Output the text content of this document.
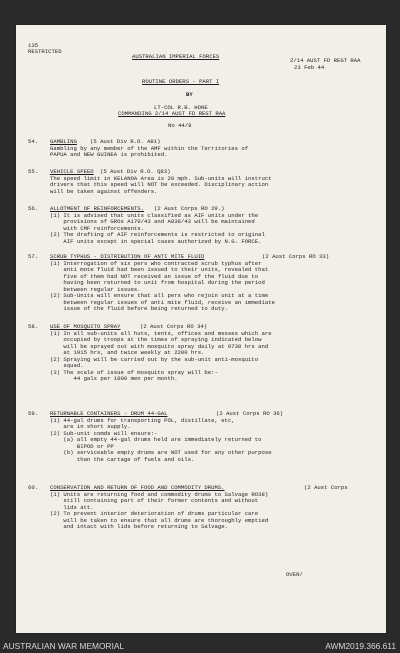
135
RESTRICTED
AUSTRALIAN IMPERIAL FORCES
2/14 AUST FD REGT RAA
23 Feb 44
ROUTINE ORDERS - PART I
BY
LT-COL R.B. HONE
COMMANDING 2/14 AUST FD REGT RAA
No 44/8
54. GAMBLING (5 Aust Div R.O. A81)
Gambling by any member of the AMF within the Territories of
PAPUA and NEW GUINEA is prohibited.
55. VEHICLE SPEED (5 Aust Div R.O. Q83)
The speed limit in KELANOA Area is 20 mph. Sub-units will instruct
drivers that this speed will NOT be exceeded. Disciplinary action
will be taken against offenders.
56. ALLOTMENT OF REINFORCEMENTS. (2 Aust Corps RO 29.)
(1) It is advised that units classified as AIF units under the
provisions of GROs A170/43 and A838/43 will be maintained
with CMF reinforcements.
(2) The drafting of AIF reinforcements is restricted to original
AIF units except in special cases authorized by N.G. FORCE.
57. SCRUB TYPHUS - DISTRIBUTION OF ANTI MITE FLUID	(2 Aust Corps RO 33)
(1) Interrogation of six pers who contracted scrub typhus after
anti mote fluid had been issued to their units, revealed that
five of them had NOT received an issue of the fluid due to
having been returned to unit from hospital during the period
between regular issues.
(2) Sub-Units will ensure that all pers who rejoin unit at a time
between regular issues of anti mite fluid, receive an immediate
issue of the fluid before being returned to duty.
58. USE OF MOSQUITO SPRAY	(2 Aust Corps RO 34)
(1) In all sub-units all huts, tents, offices and messes which are
occupied by troops at the times of spraying indicated below
will be sprayed out with mosquito spray daily at 0730 hrs and
at 1915 hrs, and twice weekly at 2200 hrs.
(2) Spraying will be carried out by the sub-unit anti-mosquito
squad.
(3) The scale of issue of mosquito spray will be:-
44 gals per 1000 men per month.
59. RETURNABLE CONTAINERS - DRUM 44-GAL	(2 Aust Corps RO 36)
(1) 44-gal drums for transporting POL, distillate, etc,
are in short supply.
(2) Sub-unit comds will ensure:-
(a) all empty 44-gal drums held are immediately returned to
BIPOD or PP
(b) serviceable empty drums are NOT used for any other purpose
than the cartage of fuels and oils.
60. CONSERVATION AND RETURN OF FOOD AND COMMODITY DRUMS.	(2 Aust Corps
(1) Units are returning food and commodity drums to Salvage RO38)
still containing part of their former contents and without
lids att.
(2) To prevent interior deterioration of drums particular care
will be taken to ensure that all drums are thoroughly emptied
and intact with lids before returning to Salvage.
OVER/
AUSTRALIAN WAR MEMORIAL	AWM2019.366.611
